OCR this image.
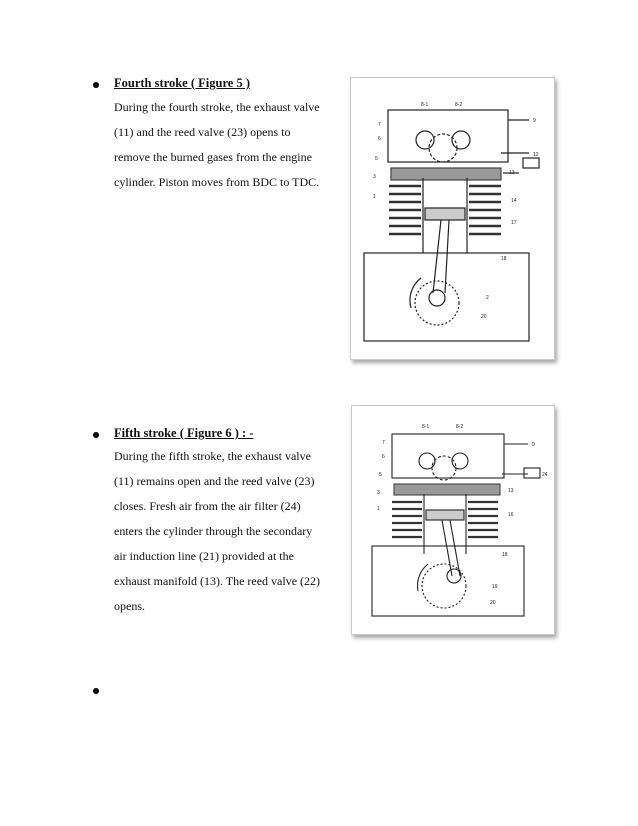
Fourth stroke ( Figure 5 )
During the fourth stroke, the exhaust valve
(11) and the reed valve (23) opens to
remove the burned gases from the engine
cylinder. Piston moves from BDC to TDC.
8-1	8-2
7
6
5
3
1
9
12
13
14
17
18
2
20
Fifth stroke ( Figure 6 ) : -
During the fifth stroke, the exhaust valve
(11) remains open and the reed valve (23)
closes. Fresh air from the air filter (24)
enters the cylinder through the secondary
air induction line (21) provided at the
exhaust manifold (13). The reed valve (22)
opens.
8-1	8-2
7
6
5
3
1
9
24
13
16
18
19
20
